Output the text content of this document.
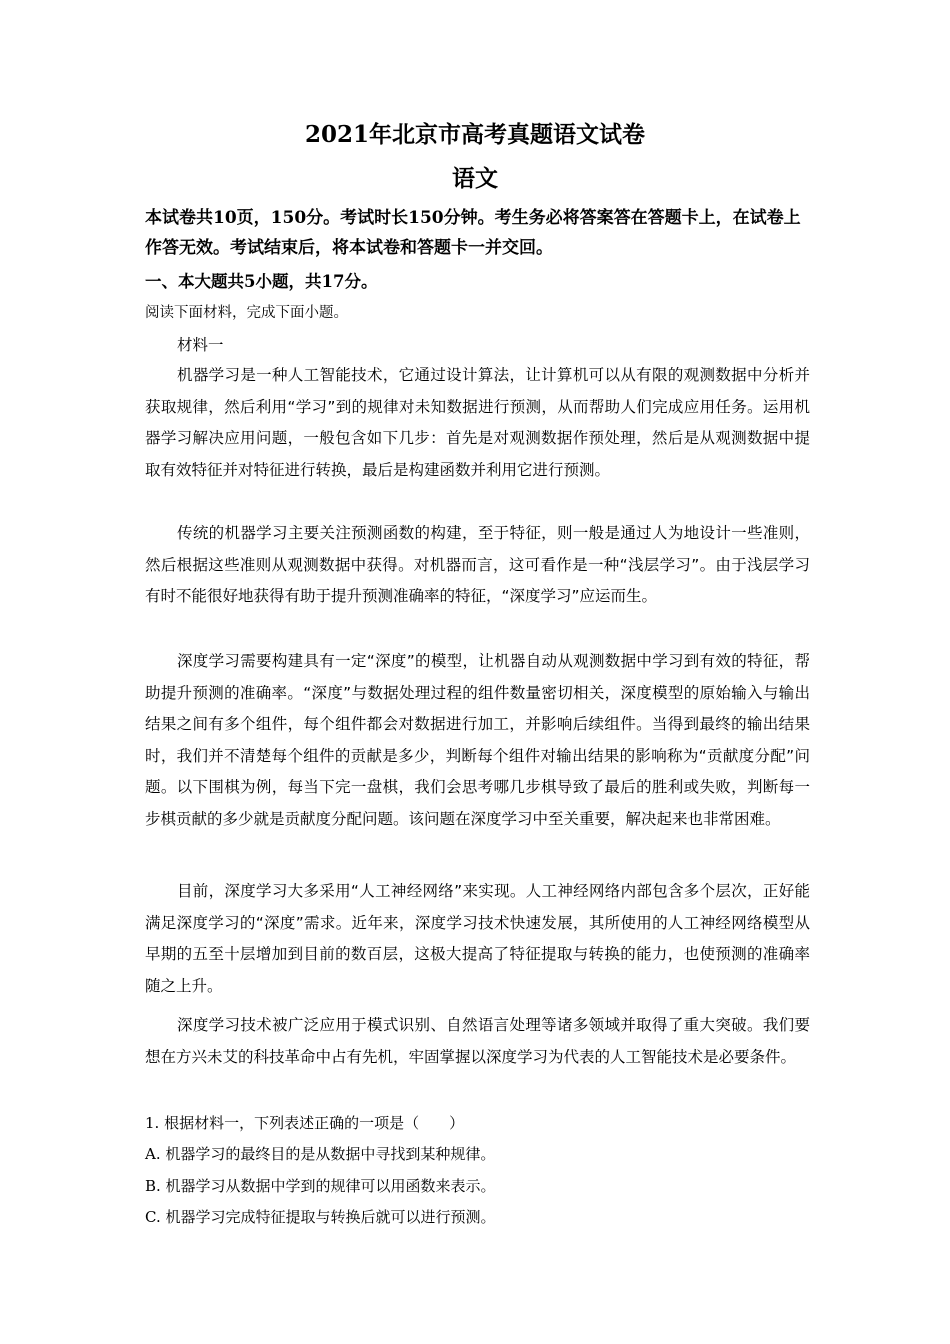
2021年北京市高考真题语文试卷
语文
本试卷共10页，150分。考试时长150分钟。考生务必将答案答在答题卡上，在试卷上作答无效。考试结束后，将本试卷和答题卡一并交回。
一、本大题共5小题，共17分。
阅读下面材料，完成下面小题。
材料一
机器学习是一种人工智能技术，它通过设计算法，让计算机可以从有限的观测数据中分析并获取规律，然后利用“学习”到的规律对未知数据进行预测，从而帮助人们完成应用任务。运用机器学习解决应用问题，一般包含如下几步：首先是对观测数据作预处理，然后是从观测数据中提取有效特征并对特征进行转换，最后是构建函数并利用它进行预测。
传统的机器学习主要关注预测函数的构建，至于特征，则一般是通过人为地设计一些准则，然后根据这些准则从观测数据中获得。对机器而言，这可看作是一种“浅层学习”。由于浅层学习有时不能很好地获得有助于提升预测准确率的特征，“深度学习”应运而生。
深度学习需要构建具有一定“深度”的模型，让机器自动从观测数据中学习到有效的特征，帮助提升预测的准确率。“深度”与数据处理过程的组件数量密切相关，深度模型的原始输入与输出结果之间有多个组件，每个组件都会对数据进行加工，并影响后续组件。当得到最终的输出结果时，我们并不清楚每个组件的贡献是多少，判断每个组件对输出结果的影响称为“贡献度分配”问题。以下围棋为例，每当下完一盘棋，我们会思考哪几步棋导致了最后的胜利或失败，判断每一步棋贡献的多少就是贡献度分配问题。该问题在深度学习中至关重要，解决起来也非常困难。
目前，深度学习大多采用“人工神经网络”来实现。人工神经网络内部包含多个层次，正好能满足深度学习的“深度”需求。近年来，深度学习技术快速发展，其所使用的人工神经网络模型从早期的五至十层增加到目前的数百层，这极大提高了特征提取与转换的能力，也使预测的准确率随之上升。
深度学习技术被广泛应用于模式识别、自然语言处理等诸多领域并取得了重大突破。我们要想在方兴未艾的科技革命中占有先机，牢固掌握以深度学习为代表的人工智能技术是必要条件。
1. 根据材料一，下列表述正确的一项是（　　）
A. 机器学习的最终目的是从数据中寻找到某种规律。
B. 机器学习从数据中学到的规律可以用函数来表示。
C. 机器学习完成特征提取与转换后就可以进行预测。
